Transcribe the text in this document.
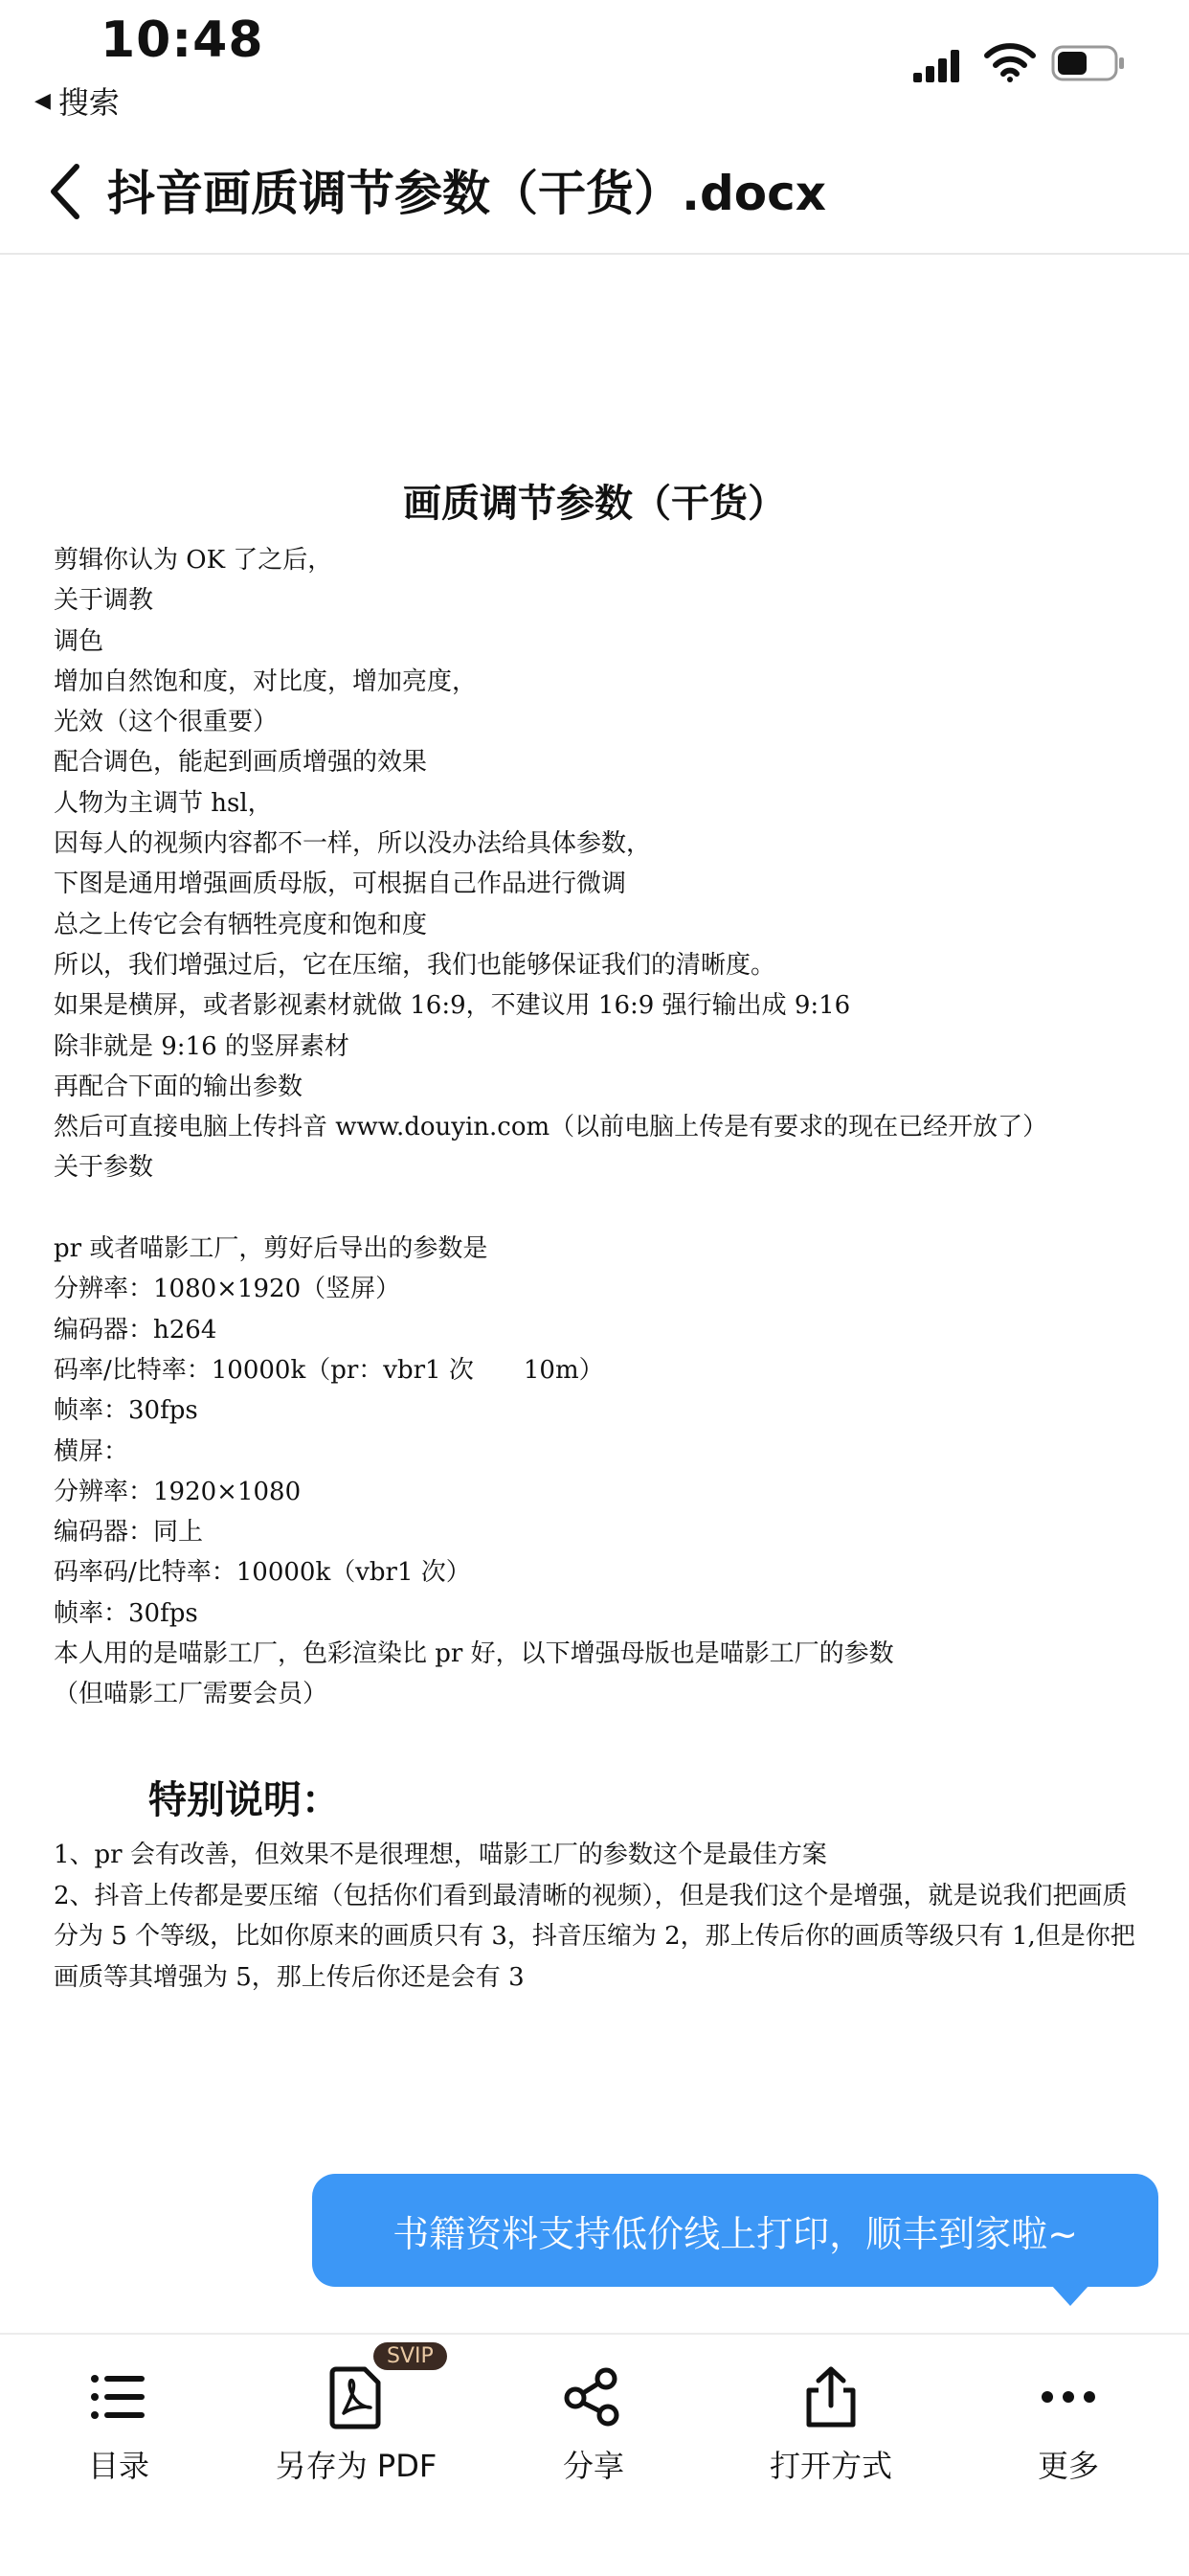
10:48
◀ 搜索
抖音画质调节参数（干货）.docx
画质调节参数（干货）
剪辑你认为 OK 了之后，
关于调教
调色
增加自然饱和度，对比度，增加亮度，
光效（这个很重要）
配合调色，能起到画质增强的效果
人物为主调节 hsl，
因每人的视频内容都不一样，所以没办法给具体参数，
下图是通用增强画质母版，可根据自己作品进行微调
总之上传它会有牺牲亮度和饱和度
所以，我们增强过后，它在压缩，我们也能够保证我们的清晰度。
如果是横屏，或者影视素材就做 16:9，不建议用 16:9 强行输出成 9:16
除非就是 9:16 的竖屏素材
再配合下面的输出参数
然后可直接电脑上传抖音 www.douyin.com（以前电脑上传是有要求的现在已经开放了）
关于参数
pr 或者喵影工厂，剪好后导出的参数是
分辨率：1080×1920（竖屏）
编码器：h264
码率/比特率：10000k（pr：vbr1 次　　10m）
帧率：30fps
横屏：
分辨率：1920×1080
编码器：同上
码率码/比特率：10000k（vbr1 次）
帧率：30fps
本人用的是喵影工厂，色彩渲染比 pr 好，以下增强母版也是喵影工厂的参数
（但喵影工厂需要会员）
特别说明：
1、pr 会有改善，但效果不是很理想，喵影工厂的参数这个是最佳方案
2、抖音上传都是要压缩（包括你们看到最清晰的视频），但是我们这个是增强，就是说我们把画质分为 5 个等级，比如你原来的画质只有 3，抖音压缩为 2，那上传后你的画质等级只有 1,但是你把画质等其增强为 5，那上传后你还是会有 3
书籍资料支持低价线上打印，顺丰到家啦~
目录
SVIP
另存为 PDF	分享	打开方式	更多
